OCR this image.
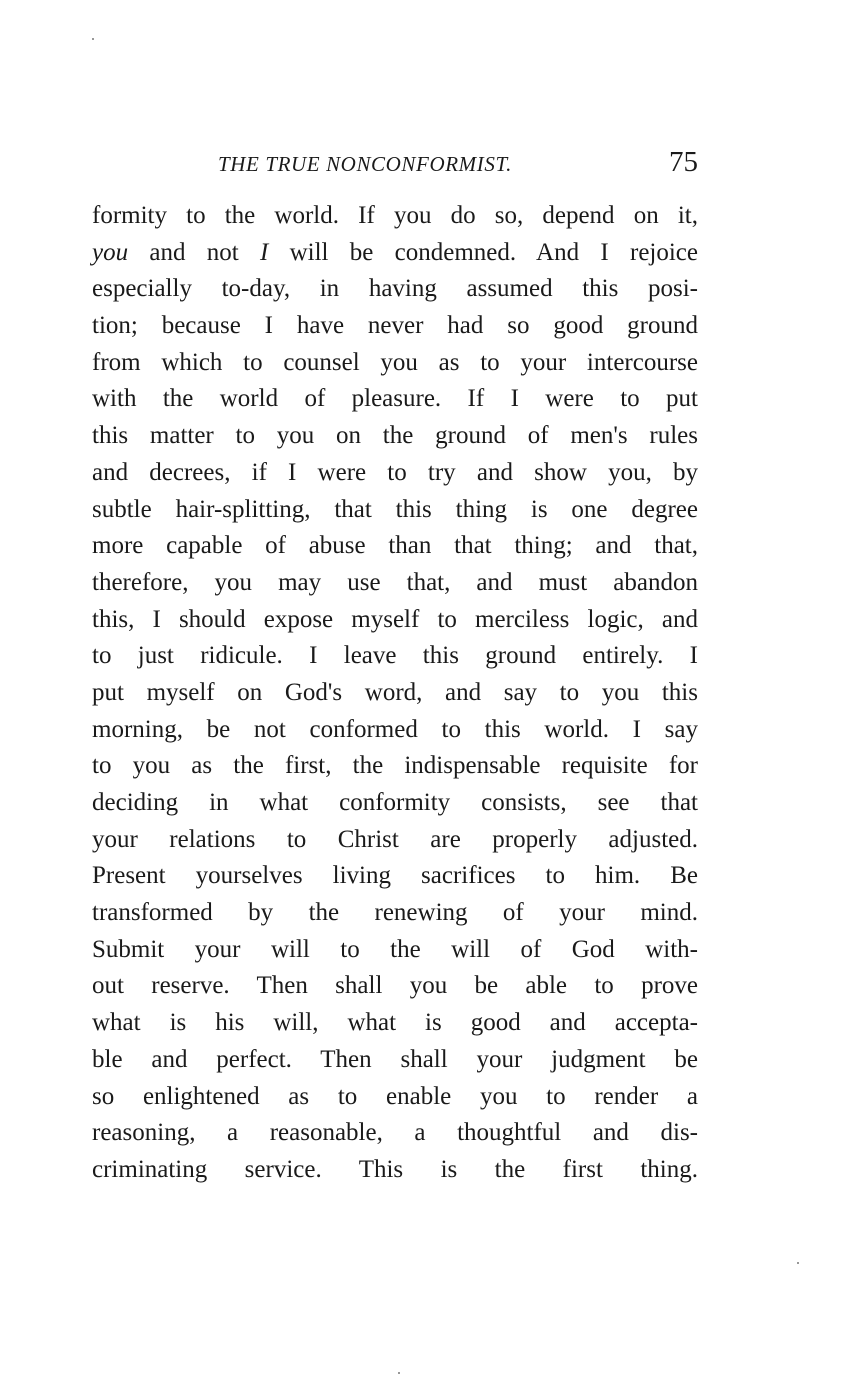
THE TRUE NONCONFORMIST.	75
formity to the world. If you do so, depend on it,
you and not I will be condemned. And I rejoice
especially to-day, in having assumed this posi-
tion; because I have never had so good ground
from which to counsel you as to your intercourse
with the world of pleasure. If I were to put
this matter to you on the ground of men's rules
and decrees, if I were to try and show you, by
subtle hair-splitting, that this thing is one degree
more capable of abuse than that thing; and that,
therefore, you may use that, and must abandon
this, I should expose myself to merciless logic, and
to just ridicule. I leave this ground entirely. I
put myself on God's word, and say to you this
morning, be not conformed to this world. I say
to you as the first, the indispensable requisite for
deciding in what conformity consists, see that
your relations to Christ are properly adjusted.
Present yourselves living sacrifices to him. Be
transformed by the renewing of your mind.
Submit your will to the will of God with-
out reserve. Then shall you be able to prove
what is his will, what is good and accepta-
ble and perfect. Then shall your judgment be
so enlightened as to enable you to render a
reasoning, a reasonable, a thoughtful and dis-
criminating service. This is the first thing.
